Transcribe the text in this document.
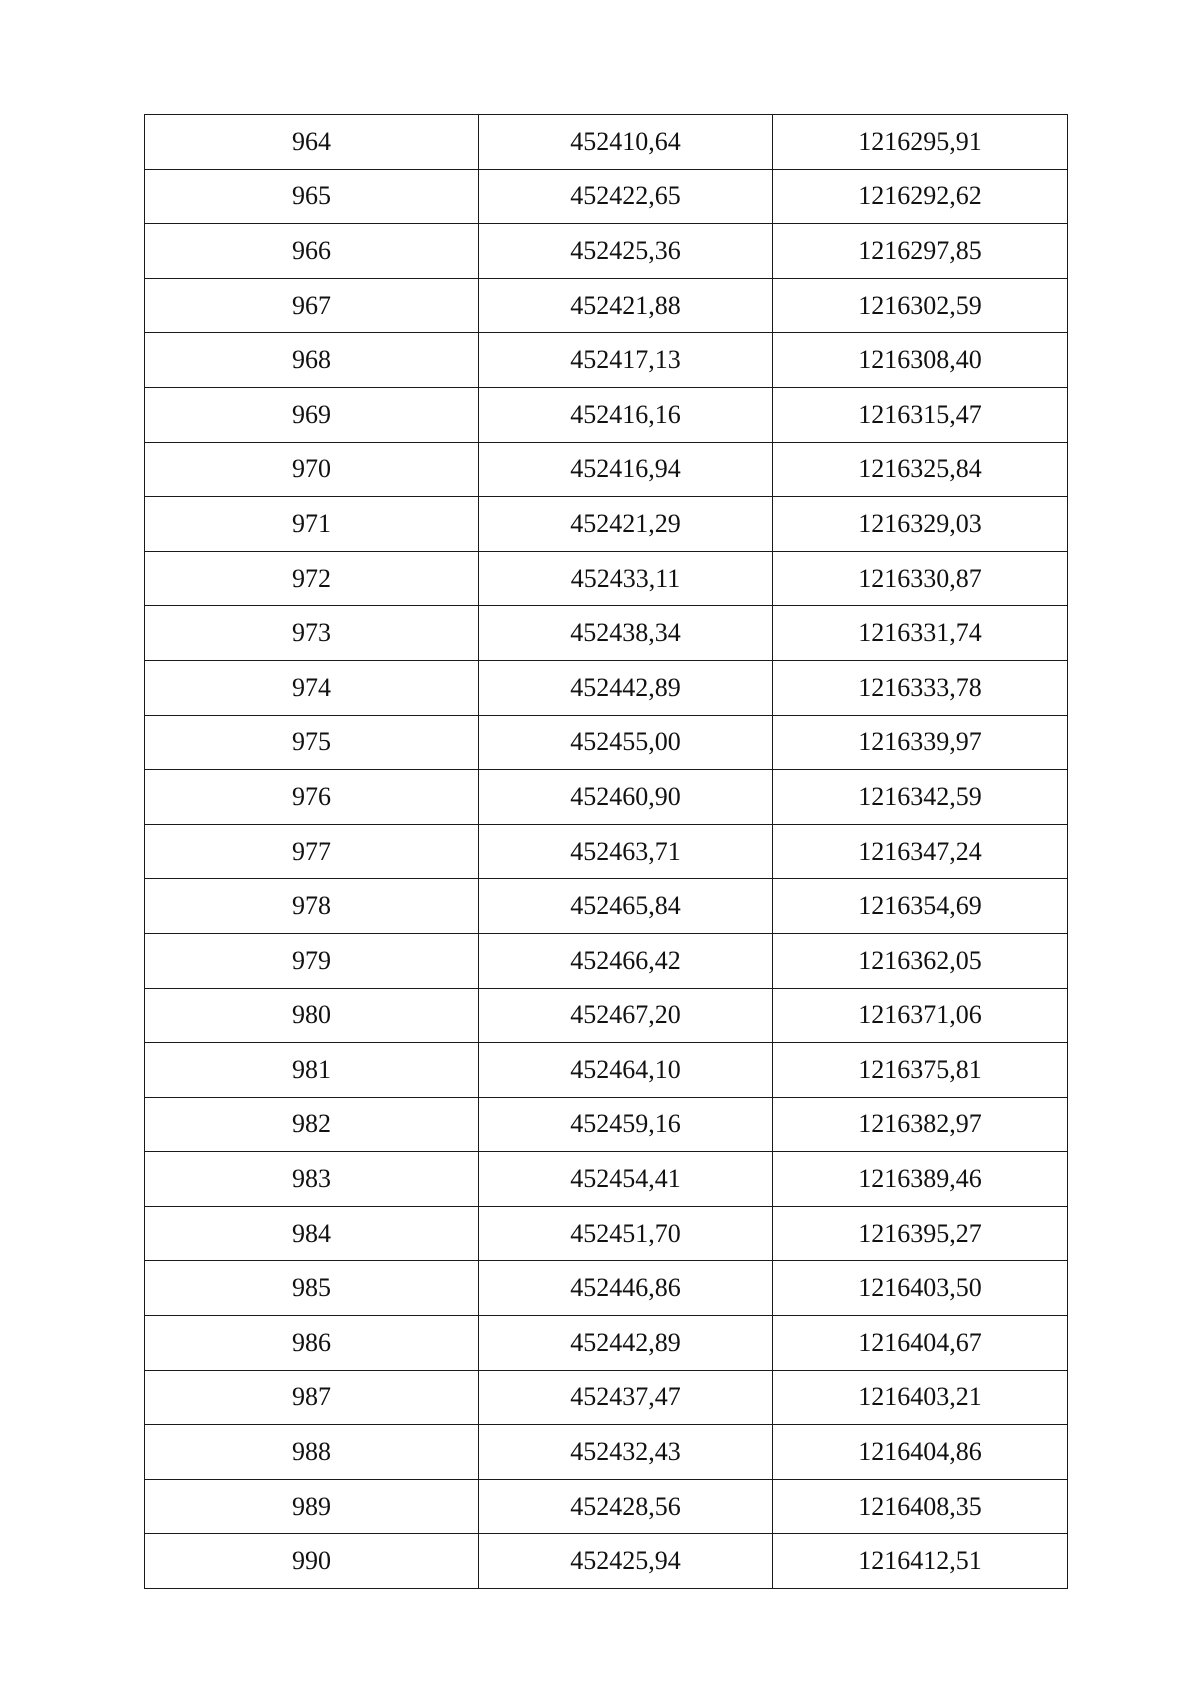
964	452410,64	1216295,91
965	452422,65	1216292,62
966	452425,36	1216297,85
967	452421,88	1216302,59
968	452417,13	1216308,40
969	452416,16	1216315,47
970	452416,94	1216325,84
971	452421,29	1216329,03
972	452433,11	1216330,87
973	452438,34	1216331,74
974	452442,89	1216333,78
975	452455,00	1216339,97
976	452460,90	1216342,59
977	452463,71	1216347,24
978	452465,84	1216354,69
979	452466,42	1216362,05
980	452467,20	1216371,06
981	452464,10	1216375,81
982	452459,16	1216382,97
983	452454,41	1216389,46
984	452451,70	1216395,27
985	452446,86	1216403,50
986	452442,89	1216404,67
987	452437,47	1216403,21
988	452432,43	1216404,86
989	452428,56	1216408,35
990	452425,94	1216412,51
